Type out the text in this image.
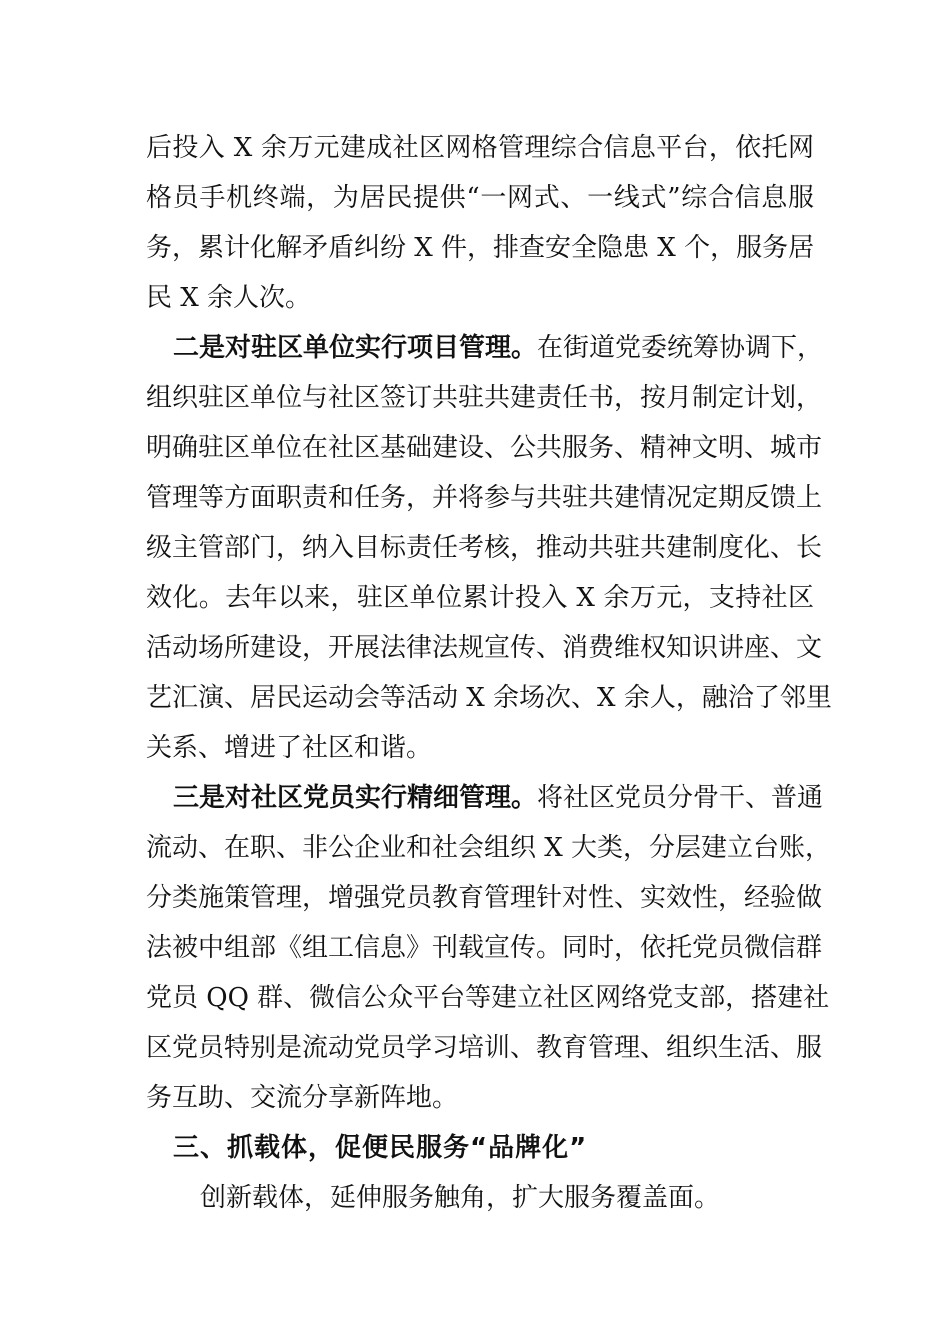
后投入 X 余万元建成社区网格管理综合信息平台，依托网
格员手机终端，为居民提供“一网式、一线式”综合信息服
务，累计化解矛盾纠纷 X 件，排查安全隐患 X 个，服务居
民 X 余人次。
二是对驻区单位实行项目管理。在街道党委统筹协调下，
组织驻区单位与社区签订共驻共建责任书，按月制定计划，
明确驻区单位在社区基础建设、公共服务、精神文明、城市
管理等方面职责和任务，并将参与共驻共建情况定期反馈上
级主管部门，纳入目标责任考核，推动共驻共建制度化、长
效化。去年以来，驻区单位累计投入 X 余万元，支持社区
活动场所建设，开展法律法规宣传、消费维权知识讲座、文
艺汇演、居民运动会等活动 X 余场次、X 余人，融洽了邻里
关系、增进了社区和谐。
三是对社区党员实行精细管理。将社区党员分骨干、普通
流动、在职、非公企业和社会组织 X 大类，分层建立台账，
分类施策管理，增强党员教育管理针对性、实效性，经验做
法被中组部《组工信息》刊载宣传。同时，依托党员微信群
党员 QQ 群、微信公众平台等建立社区网络党支部，搭建社
区党员特别是流动党员学习培训、教育管理、组织生活、服
务互助、交流分享新阵地。
三、抓载体，促便民服务“品牌化”
创新载体，延伸服务触角，扩大服务覆盖面。
